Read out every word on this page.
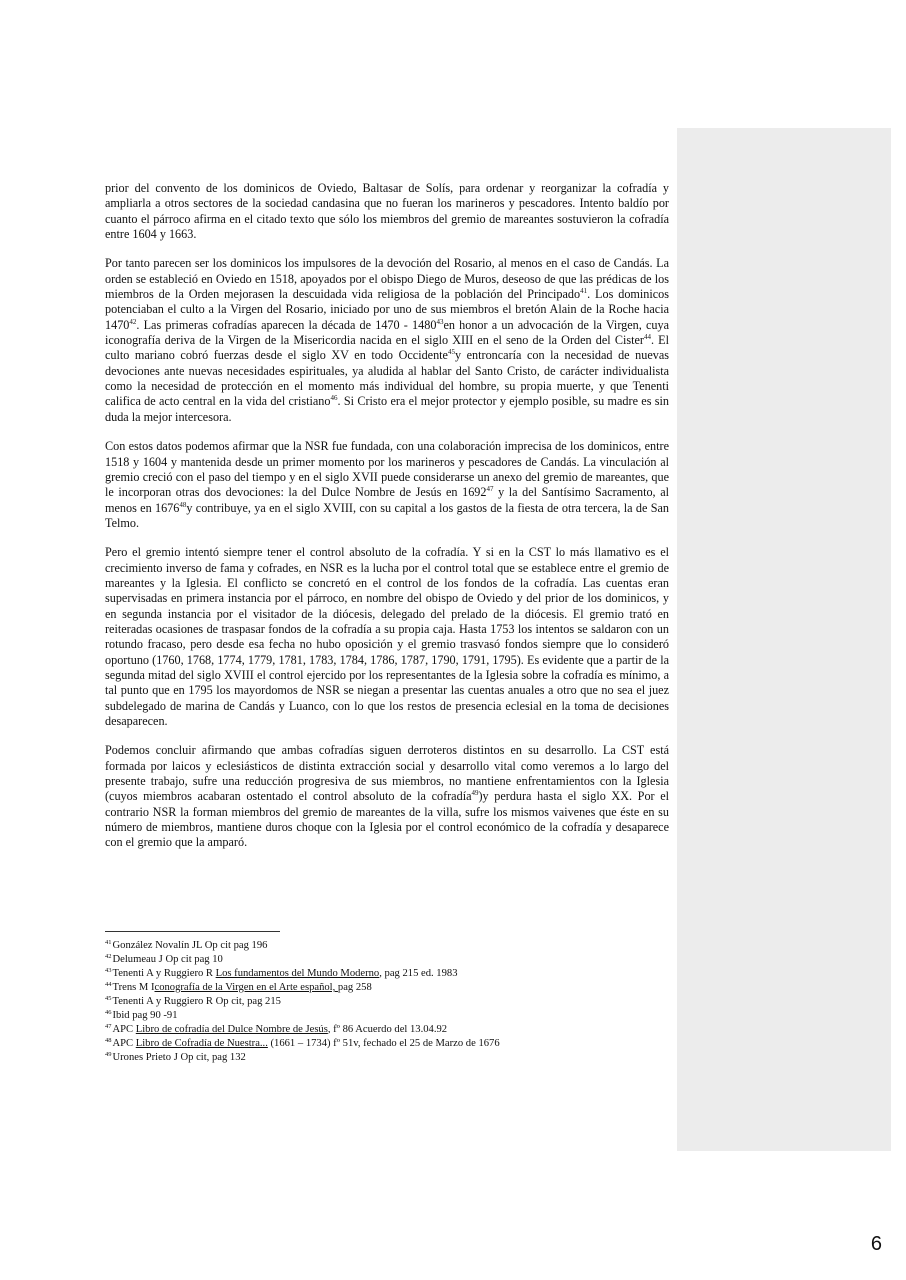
prior del convento de los dominicos de Oviedo, Baltasar de Solís, para ordenar y reorganizar la cofradía y ampliarla a otros sectores de la sociedad candasina que no fueran los marineros y pescadores. Intento baldío por cuanto el párroco afirma en el citado texto que sólo los miembros del gremio de mareantes sostuvieron la cofradía entre 1604 y 1663.

Por tanto parecen ser los dominicos los impulsores de la devoción del Rosario, al menos en el caso de Candás. La orden se estableció en Oviedo en 1518, apoyados por el obispo Diego de Muros, deseoso de que las prédicas de los miembros de la Orden mejorasen la descuidada vida religiosa de la población del Principado$^{41}$. Los dominicos potenciaban el culto a la Virgen del Rosario, iniciado por uno de sus miembros el bretón Alain de la Roche hacia 1470$^{42}$. Las primeras cofradías aparecen la década de 1470 - 1480$^{43}$en honor a un advocación de la Virgen, cuya iconografía deriva de la Virgen de la Misericordia nacida en el siglo XIII en el seno de la Orden del Cister$^{44}$. El culto mariano cobró fuerzas desde el siglo XV en todo Occidente$^{45}$y entroncaría con la necesidad de nuevas devociones ante nuevas necesidades espirituales, ya aludida al hablar del Santo Cristo, de carácter individualista como la necesidad de protección en el momento más individual del hombre, su propia muerte, y que Tenenti califica de acto central en la vida del cristiano$^{46}$. Si Cristo era el mejor protector y ejemplo posible, su madre es sin duda la mejor intercesora.

Con estos datos podemos afirmar que la NSR fue fundada, con una colaboración imprecisa de los dominicos, entre 1518 y 1604 y mantenida desde un primer momento por los marineros y pescadores de Candás. La vinculación al gremio creció con el paso del tiempo y en el siglo XVII puede considerarse un anexo del gremio de mareantes, que le incorporan otras dos devociones: la del Dulce Nombre de Jesús en 1692$^{47}$ y la del Santísimo Sacramento, al menos en 1676$^{48}$y contribuye, ya en el siglo XVIII, con su capital a los gastos de la fiesta de otra tercera, la de San Telmo.

Pero el gremio intentó siempre tener el control absoluto de la cofradía. Y si en la CST lo más llamativo es el crecimiento inverso de fama y cofrades, en NSR es la lucha por el control total que se establece entre el gremio de mareantes y la Iglesia. El conflicto se concretó en el control de los fondos de la cofradía. Las cuentas eran supervisadas en primera instancia por el párroco, en nombre del obispo de Oviedo y del prior de los dominicos, y en segunda instancia por el visitador de la diócesis, delegado del prelado de la diócesis. El gremio trató en reiteradas ocasiones de traspasar fondos de la cofradía a su propia caja. Hasta 1753 los intentos se saldaron con un rotundo fracaso, pero desde esa fecha no hubo oposición y el gremio trasvasó fondos siempre que lo consideró oportuno (1760, 1768, 1774, 1779, 1781, 1783, 1784, 1786, 1787, 1790, 1791, 1795). Es evidente que a partir de la segunda mitad del siglo XVIII el control ejercido por los representantes de la Iglesia sobre la cofradía es mínimo, a tal punto que en 1795 los mayordomos de NSR se niegan a presentar las cuentas anuales a otro que no sea el juez subdelegado de marina de Candás y Luanco, con lo que los restos de presencia eclesial en la toma de decisiones desaparecen.

Podemos concluir afirmando que ambas cofradías siguen derroteros distintos en su desarrollo. La CST está formada por laicos y eclesiásticos de distinta extracción social y desarrollo vital como veremos a lo largo del presente trabajo, sufre una reducción progresiva de sus miembros, no mantiene enfrentamientos con la Iglesia (cuyos miembros acabaran ostentado el control absoluto de la cofradía$^{49}$)y perdura hasta el siglo XX. Por el contrario NSR la forman miembros del gremio de mareantes de la villa, sufre los mismos vaivenes que éste en su número de miembros, mantiene duros choque con la Iglesia por el control económico de la cofradía y desaparece con el gremio que la amparó.

$^{41}$González Novalín JL Op cit pag 196
$^{42}$Delumeau J Op cit pag 10
$^{43}$Tenenti A y Ruggiero R Los fundamentos del Mundo Moderno, pag 215 ed. 1983
$^{44}$Trens M Iconografía de la Virgen en el Arte español, pag 258
$^{45}$Tenenti A y Ruggiero R Op cit, pag 215
$^{46}$Ibid pag 90 -91
$^{47}$APC Libro de cofradía del Dulce Nombre de Jesús, fº 86 Acuerdo del 13.04.92
$^{48}$APC Libro de Cofradía de Nuestra... (1661 – 1734) fº 51v, fechado el 25 de Marzo de 1676
$^{49}$Urones Prieto J Op cit, pag 132
6
